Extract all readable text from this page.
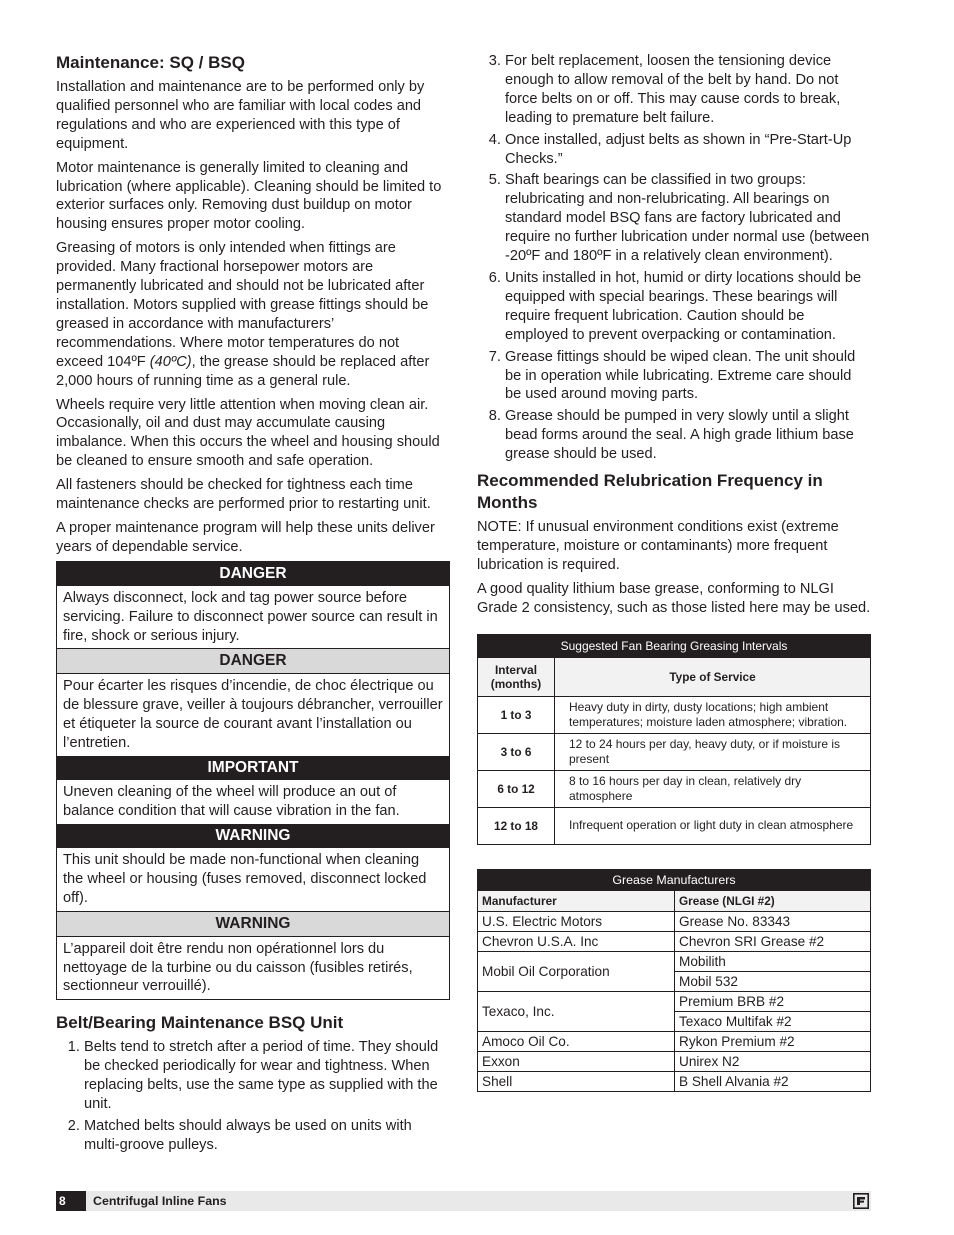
Maintenance: SQ / BSQ

Installation and maintenance are to be performed only by qualified personnel who are familiar with local codes and regulations and who are experienced with this type of equipment.

Motor maintenance is generally limited to cleaning and lubrication (where applicable). Cleaning should be limited to exterior surfaces only. Removing dust buildup on motor housing ensures proper motor cooling.

Greasing of motors is only intended when fittings are provided. Many fractional horsepower motors are permanently lubricated and should not be lubricated after installation. Motors supplied with grease fittings should be greased in accordance with manufacturers’ recommendations. Where motor temperatures do not exceed 104ºF (40ºC), the grease should be replaced after 2,000 hours of running time as a general rule.

Wheels require very little attention when moving clean air. Occasionally, oil and dust may accumulate causing imbalance. When this occurs the wheel and housing should be cleaned to ensure smooth and safe operation.

All fasteners should be checked for tightness each time maintenance checks are performed prior to restarting unit.

A proper maintenance program will help these units deliver years of dependable service.

DANGER
Always disconnect, lock and tag power source before servicing. Failure to disconnect power source can result in fire, shock or serious injury.
DANGER
Pour écarter les risques d’incendie, de choc électrique ou de blessure grave, veiller à toujours débrancher, verrouiller et étiqueter la source de courant avant l’installation ou l’entretien.
IMPORTANT
Uneven cleaning of the wheel will produce an out of balance condition that will cause vibration in the fan.
WARNING
This unit should be made non-functional when cleaning the wheel or housing (fuses removed, disconnect locked off).
WARNING
L’appareil doit être rendu non opérationnel lors du nettoyage de la turbine ou du caisson (fusibles retirés, sectionneur verrouillé).
Belt/Bearing Maintenance BSQ Unit
1. Belts tend to stretch after a period of time. They should be checked periodically for wear and tightness. When replacing belts, use the same type as supplied with the unit.
2. Matched belts should always be used on units with multi-groove pulleys.
3. For belt replacement, loosen the tensioning device enough to allow removal of the belt by hand. Do not force belts on or off. This may cause cords to break, leading to premature belt failure.
4. Once installed, adjust belts as shown in “Pre-Start-Up Checks.”
5. Shaft bearings can be classified in two groups: relubricating and non-relubricating. All bearings on standard model BSQ fans are factory lubricated and require no further lubrication under normal use (between -20ºF and 180ºF in a relatively clean environment).
6. Units installed in hot, humid or dirty locations should be equipped with special bearings. These bearings will require frequent lubrication. Caution should be employed to prevent overpacking or contamination.
7. Grease fittings should be wiped clean. The unit should be in operation while lubricating. Extreme care should be used around moving parts.
8. Grease should be pumped in very slowly until a slight bead forms around the seal. A high grade lithium base grease should be used.
Recommended Relubrication Frequency in Months

NOTE: If unusual environment conditions exist (extreme temperature, moisture or contaminants) more frequent lubrication is required.

A good quality lithium base grease, conforming to NLGI Grade 2 consistency, such as those listed here may be used.

Suggested Fan Bearing Greasing Intervals	
Interval (months)	Type of Service
1 to 3	Heavy duty in dirty, dusty locations; high ambient temperatures; moisture laden atmosphere; vibration.
3 to 6	12 to 24 hours per day, heavy duty, or if moisture is present
6 to 12	8 to 16 hours per day in clean, relatively dry atmosphere
12 to 18	Infrequent operation or light duty in clean atmosphere
Grease Manufacturers	
Manufacturer	Grease (NLGI #2)
U.S. Electric Motors	Grease No. 83343
Chevron U.S.A. Inc	Chevron SRI Grease #2
Mobil Oil Corporation	Mobilith
	Mobil 532
Texaco, Inc.	Premium BRB #2
	Texaco Multifak #2
Amoco Oil Co.	Rykon Premium #2
Exxon	Unirex N2
Shell	B Shell Alvania #2
8	Centrifugal Inline Fans
